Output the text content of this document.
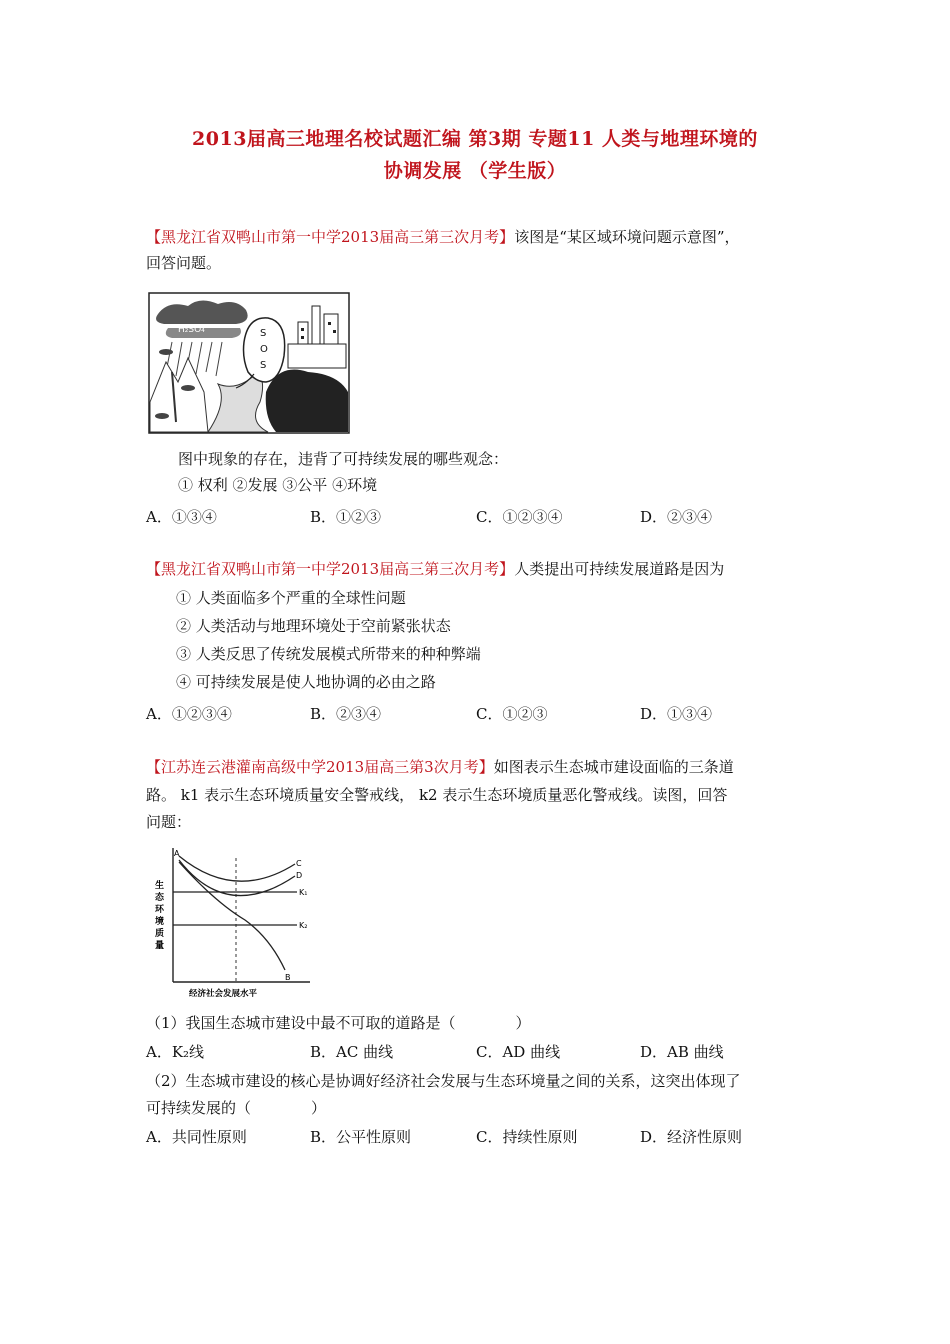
2013届高三地理名校试题汇编 第3期 专题11 人类与地理环境的
协调发展 （学生版）
【黑龙江省双鸭山市第一中学2013届高三第三次月考】该图是“某区域环境问题示意图”，
回答问题。
H₂SO₄	S
O
S
图中现象的存在，违背了可持续发展的哪些观念：
① 权利 ②发展 ③公平 ④环境
A．①③④	B．①②③	C．①②③④	D．②③④
【黑龙江省双鸭山市第一中学2013届高三第三次月考】人类提出可持续发展道路是因为
① 人类面临多个严重的全球性问题
② 人类活动与地理环境处于空前紧张状态
③ 人类反思了传统发展模式所带来的种种弊端
④ 可持续发展是使人地协调的必由之路
A．①②③④	B．②③④	C．①②③	D．①③④
【江苏连云港灌南高级中学2013届高三第3次月考】如图表示生态城市建设面临的三条道
路。 k1 表示生态环境质量安全警戒线， k2 表示生态环境质量恶化警戒线。读图，回答
问题：
生
态
环
境
质
量
A
B
C
D
K₁
K₂
经济社会发展水平
（1）我国生态城市建设中最不可取的道路是（　　　　）
A．K₂线	B．AC 曲线	C．AD 曲线	D．AB 曲线
（2）生态城市建设的核心是协调好经济社会发展与生态环境量之间的关系，这突出体现了
可持续发展的（　　　　）
A．共同性原则	B．公平性原则	C．持续性原则	D．经济性原则
